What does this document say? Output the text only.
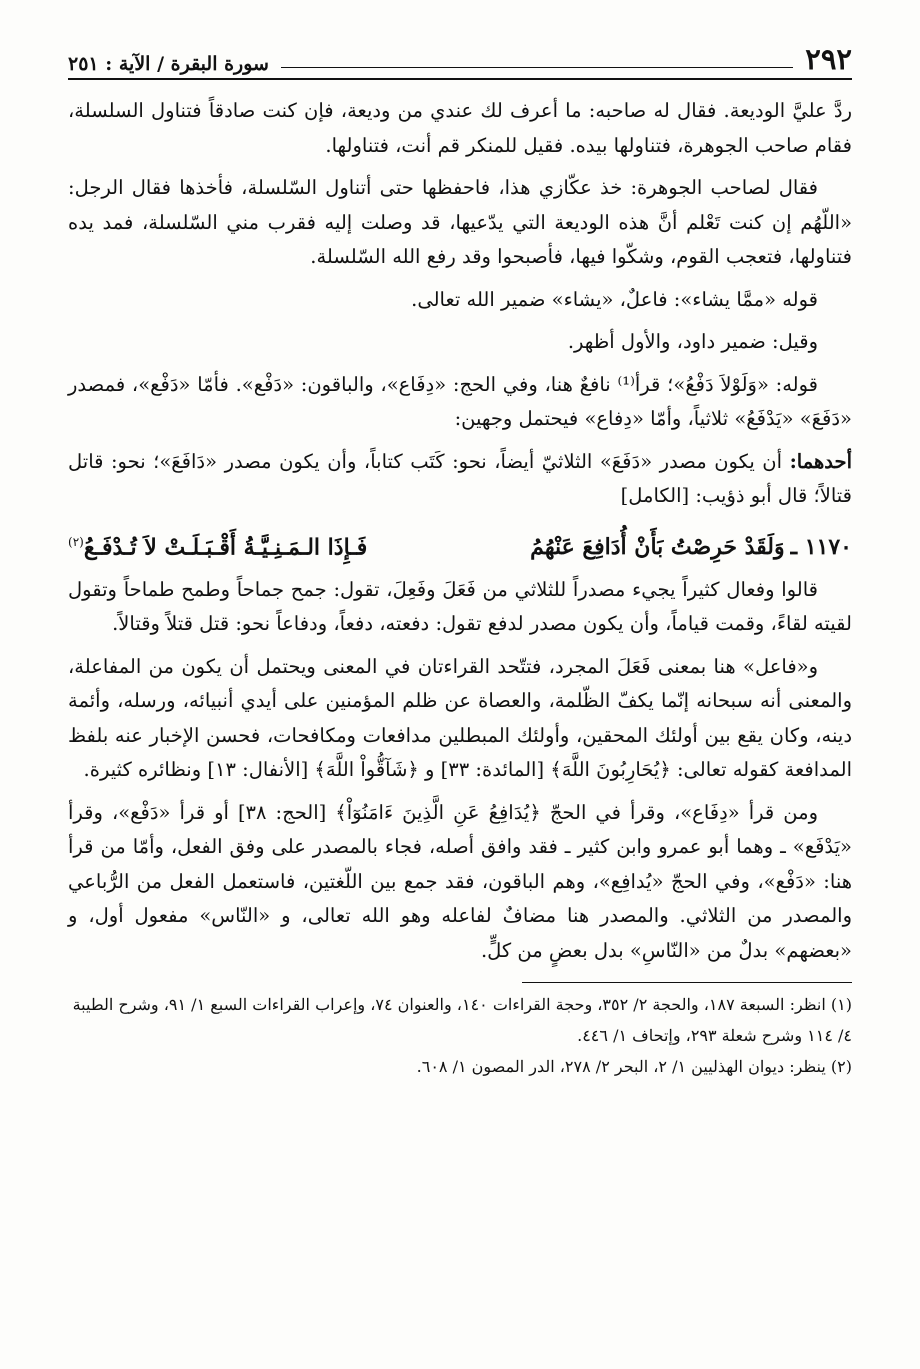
٢٩٢
سورة البقرة / الآية : ٢٥١

ردَّ عليَّ الوديعة. فقال له صاحبه: ما أعرف لك عندي من وديعة، فإن كنت صادقاً فتناول السلسلة، فقام صاحب الجوهرة، فتناولها بيده. فقيل للمنكر قم أنت، فتناولها.

فقال لصاحب الجوهرة: خذ عكّازي هذا، فاحفظها حتى أتناول السّلسلة، فأخذها فقال الرجل: «اللّهُم إن كنت تَعْلم أنَّ هذه الوديعة التي يدّعيها، قد وصلت إليه فقرب مني السّلسلة، فمد يده فتناولها، فتعجب القوم، وشكّوا فيها، فأصبحوا وقد رفع الله السّلسلة.

قوله «ممَّا يشاء»: فاعلٌ، «يشاء» ضمير الله تعالى.

وقيل: ضمير داود، والأول أظهر.

قوله: «وَلَوْلاَ دَفْعُ»؛ قرأ⁽¹⁾ نافعٌ هنا، وفي الحج: «دِفَاع»، والباقون: «دَفْع». فأمّا «دَفْع»، فمصدر «دَفَعَ» «يَدْفَعُ» ثلاثياً، وأمّا «دِفاع» فيحتمل وجهين:

أحدهما: أن يكون مصدر «دَفَعَ» الثلاثيّ أيضاً، نحو: كَتَب كتاباً، وأن يكون مصدر «دَافَعَ»؛ نحو: قاتل قتالاً؛ قال أبو ذؤيب: [الكامل]

١١٧٠ ـ
وَلَقَدْ حَرِصْتُ بَأَنْ أُدَافِعَ عَنْهُمُ
فَـإِذَا الـمَـنِـيَّـةُ أَقْـبَـلَـتْ لاَ تُـدْفَـعُ$^{(٢)}$

قالوا وفعال كثيراً يجيء مصدراً للثلاثي من فَعَلَ وفَعِلَ، تقول: جمح جماحاً وطمح طماحاً وتقول لقيته لقاءً، وقمت قياماً، وأن يكون مصدر لدفع تقول: دفعته، دفعاً، ودفاعاً نحو: قتل قتلاً وقتالاً.

و«فاعل» هنا بمعنى فَعَلَ المجرد، فتتّحد القراءتان في المعنى ويحتمل أن يكون من المفاعلة، والمعنى أنه سبحانه إنّما يكفّ الظّلمة، والعصاة عن ظلم المؤمنين على أيدي أنبيائه، ورسله، وأئمة دينه، وكان يقع بين أولئك المحقين، وأولئك المبطلين مدافعات ومكافحات، فحسن الإخبار عنه بلفظ المدافعة كقوله تعالى: ﴿يُحَارِبُونَ اللَّهَ﴾ [المائدة: ٣٣] و ﴿شَآقُّواْ اللَّهَ﴾ [الأنفال: ١٣] ونظائره كثيرة.

ومن قرأ «دِفَاع»، وقرأ في الحجّ ﴿يُدَافِعُ عَنِ الَّذِينَ ءَامَنُوٓاْ﴾ [الحج: ٣٨] أو قرأ «دَفْع»، وقرأ «يَدْفَع» ـ وهما أبو عمرو وابن كثير ـ فقد وافق أصله، فجاء بالمصدر على وفق الفعل، وأمّا من قرأ هنا: «دَفْع»، وفي الحجّ «يُدافِع»، وهم الباقون، فقد جمع بين اللّغتين، فاستعمل الفعل من الرُّباعي والمصدر من الثلاثي. والمصدر هنا مضافٌ لفاعله وهو الله تعالى، و «النّاس» مفعول أول، و «بعضهم» بدلٌ من «النّاسِ» بدل بعضٍ من كلٍّ.

(١) انظر: السبعة ١٨٧، والحجة ٢/ ٣٥٢، وحجة القراءات ١٤٠، والعنوان ٧٤، وإعراب القراءات السبع ١/ ٩١، وشرح الطيبة ٤/ ١١٤ وشرح شعلة ٢٩٣، وإتحاف ١/ ٤٤٦.

(٢) ينظر: ديوان الهذليين ١/ ٢، البحر ٢/ ٢٧٨، الدر المصون ١/ ٦٠٨.
